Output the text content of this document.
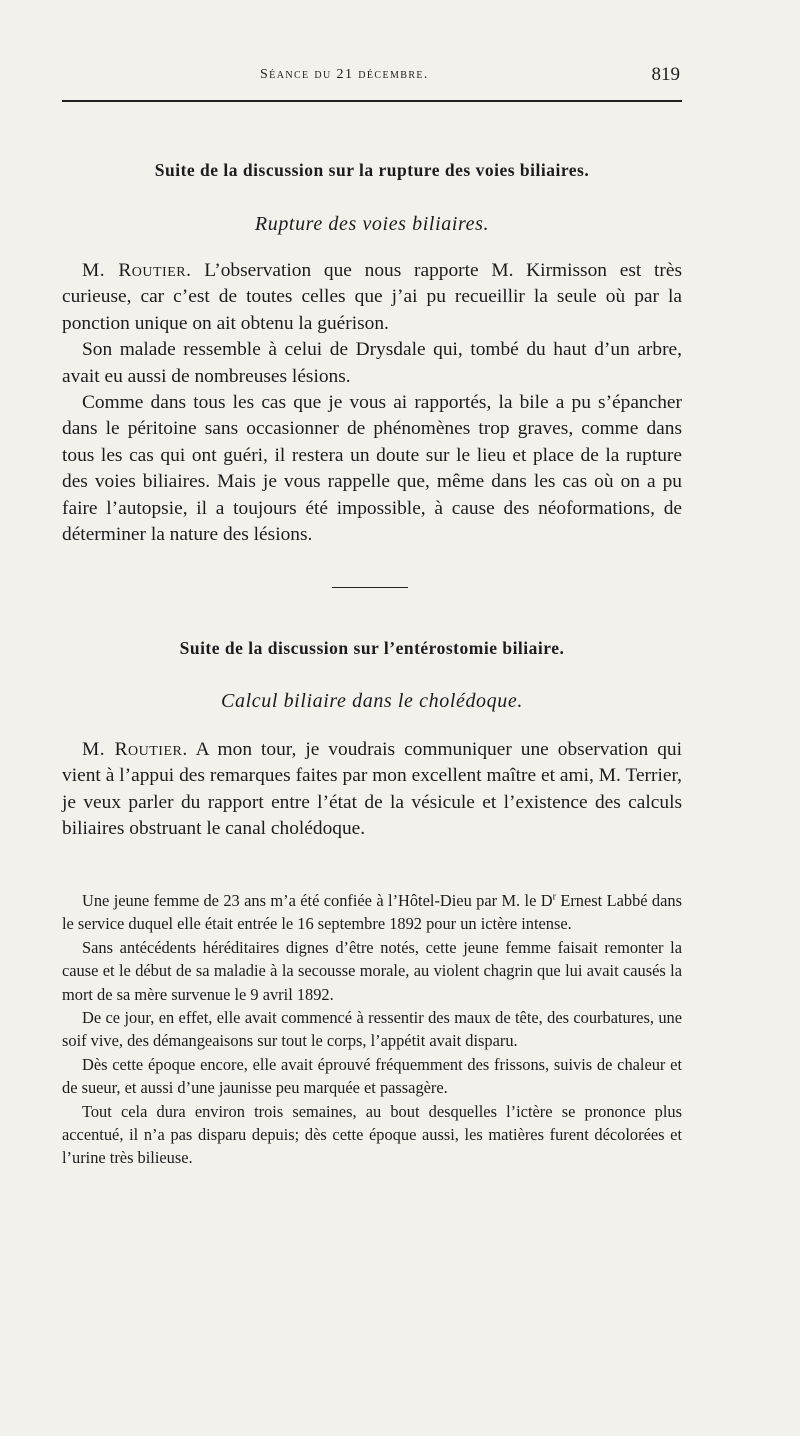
Séance du 21 décembre.	819
Suite de la discussion sur la rupture des voies biliaires.
Rupture des voies biliaires.

M. Routier. L’observation que nous rapporte M. Kirmisson est très curieuse, car c’est de toutes celles que j’ai pu recueillir la seule où par la ponction unique on ait obtenu la guérison.

Son malade ressemble à celui de Drysdale qui, tombé du haut d’un arbre, avait eu aussi de nombreuses lésions.

Comme dans tous les cas que je vous ai rapportés, la bile a pu s’épancher dans le péritoine sans occasionner de phénomènes trop graves, comme dans tous les cas qui ont guéri, il restera un doute sur le lieu et place de la rupture des voies biliaires. Mais je vous rappelle que, même dans les cas où on a pu faire l’autopsie, il a toujours été impossible, à cause des néoformations, de déterminer la nature des lésions.

Suite de la discussion sur l’entérostomie biliaire.
Calcul biliaire dans le cholédoque.

M. Routier. A mon tour, je voudrais communiquer une observation qui vient à l’appui des remarques faites par mon excellent maître et ami, M. Terrier, je veux parler du rapport entre l’état de la vésicule et l’existence des calculs biliaires obstruant le canal cholédoque.

Une jeune femme de 23 ans m’a été confiée à l’Hôtel-Dieu par M. le $D^r$ Ernest Labbé dans le service duquel elle était entrée le 16 septembre 1892 pour un ictère intense.

Sans antécédents héréditaires dignes d’être notés, cette jeune femme faisait remonter la cause et le début de sa maladie à la secousse morale, au violent chagrin que lui avait causés la mort de sa mère survenue le 9 avril 1892.

De ce jour, en effet, elle avait commencé à ressentir des maux de tête, des courbatures, une soif vive, des démangeaisons sur tout le corps, l’appétit avait disparu.

Dès cette époque encore, elle avait éprouvé fréquemment des frissons, suivis de chaleur et de sueur, et aussi d’une jaunisse peu marquée et passagère.

Tout cela dura environ trois semaines, au bout desquelles l’ictère se prononce plus accentué, il n’a pas disparu depuis; dès cette époque aussi, les matières furent décolorées et l’urine très bilieuse.
